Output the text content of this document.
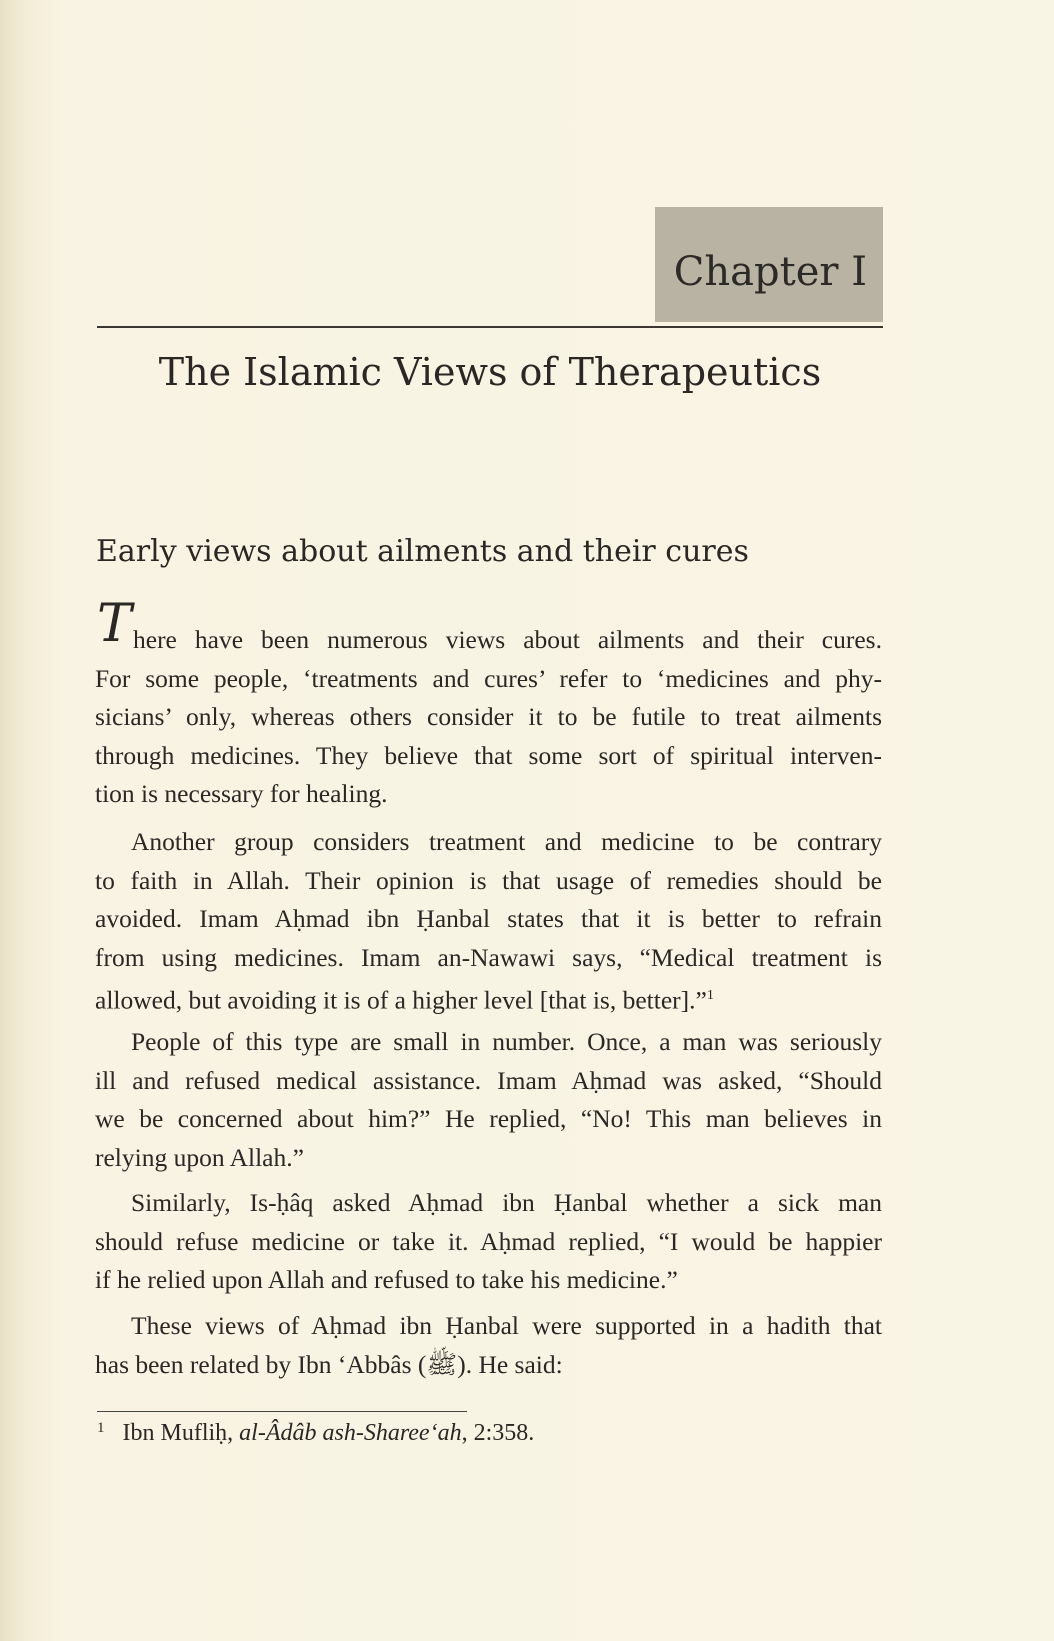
Chapter I
The Islamic Views of Therapeutics
Early views about ailments and their cures
T here have been numerous views about ailments and their cures.
For some people, ‘treatments and cures’ refer to ‘medicines and phy-
sicians’ only, whereas others consider it to be futile to treat ailments
through medicines. They believe that some sort of spiritual interven-
tion is necessary for healing.
Another group considers treatment and medicine to be contrary
to faith in Allah. Their opinion is that usage of remedies should be
avoided. Imam Aḥmad ibn Ḥanbal states that it is better to refrain
from using medicines. Imam an-Nawawi says, “Medical treatment is
allowed, but avoiding it is of a higher level [that is, better].”$^1$
People of this type are small in number. Once, a man was seriously
ill and refused medical assistance. Imam Aḥmad was asked, “Should
we be concerned about him?” He replied, “No! This man believes in
relying upon Allah.”
Similarly, Is-ḥâq asked Aḥmad ibn Ḥanbal whether a sick man
should refuse medicine or take it. Aḥmad replied, “I would be happier
if he relied upon Allah and refused to take his medicine.”
These views of Aḥmad ibn Ḥanbal were supported in a hadith that
has been related by Ibn ‘Abbâs (ﷺ). He said:
$^1$ Ibn Mufliḥ, al-Âdâb ash-Sharee‘ah, 2:358.
